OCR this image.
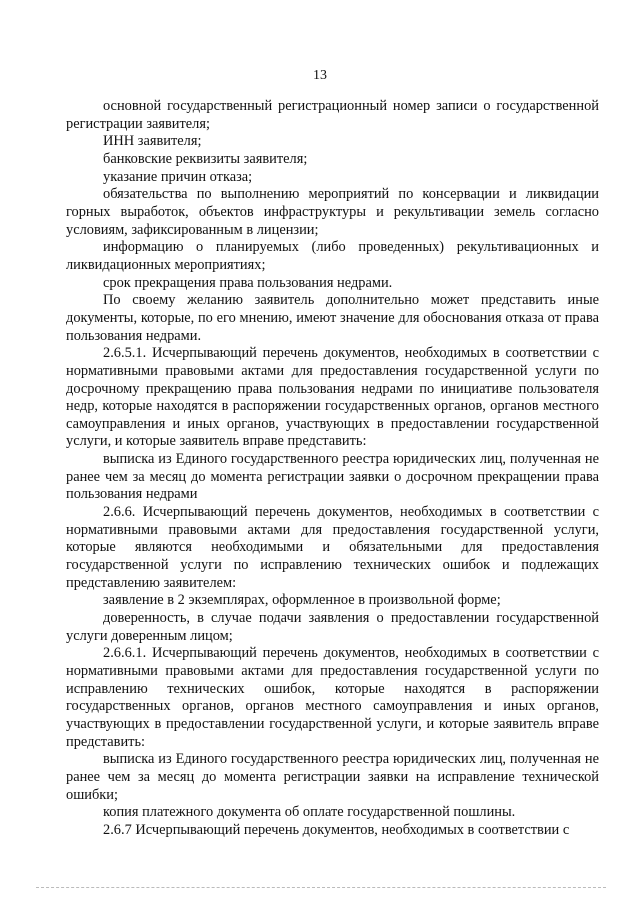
13

основной государственный регистрационный номер записи о государственной регистрации заявителя;

ИНН заявителя;

банковские реквизиты заявителя;

указание причин отказа;

обязательства по выполнению мероприятий по консервации и ликвидации горных выработок, объектов инфраструктуры и рекультивации земель согласно условиям, зафиксированным в лицензии;

информацию о планируемых (либо проведенных) рекультивационных и ликвидационных мероприятиях;

срок прекращения права пользования недрами.

По своему желанию заявитель дополнительно может представить иные документы, которые, по его мнению, имеют значение для обоснования отказа от права пользования недрами.

2.6.5.1. Исчерпывающий перечень документов, необходимых в соответствии с нормативными правовыми актами для предоставления государственной услуги по досрочному прекращению права пользования недрами по инициативе пользователя недр, которые находятся в распоряжении государственных органов, органов местного самоуправления и иных органов, участвующих в предоставлении государственной услуги, и которые заявитель вправе представить:

выписка из Единого государственного реестра юридических лиц, полученная не ранее чем за месяц до момента регистрации заявки о досрочном прекращении права пользования недрами

2.6.6. Исчерпывающий перечень документов, необходимых в соответствии с нормативными правовыми актами для предоставления государственной услуги, которые являются необходимыми и обязательными для предоставления государственной услуги по исправлению технических ошибок и подлежащих представлению заявителем:

заявление в 2 экземплярах, оформленное в произвольной форме;

доверенность, в случае подачи заявления о предоставлении государственной услуги доверенным лицом;

2.6.6.1. Исчерпывающий перечень документов, необходимых в соответствии с нормативными правовыми актами для предоставления государственной услуги по исправлению технических ошибок, которые находятся в распоряжении государственных органов, органов местного самоуправления и иных органов, участвующих в предоставлении государственной услуги, и которые заявитель вправе представить:

выписка из Единого государственного реестра юридических лиц, полученная не ранее чем за месяц до момента регистрации заявки на исправление технической ошибки;

копия платежного документа об оплате государственной пошлины.

2.6.7 Исчерпывающий перечень документов, необходимых в соответствии с
